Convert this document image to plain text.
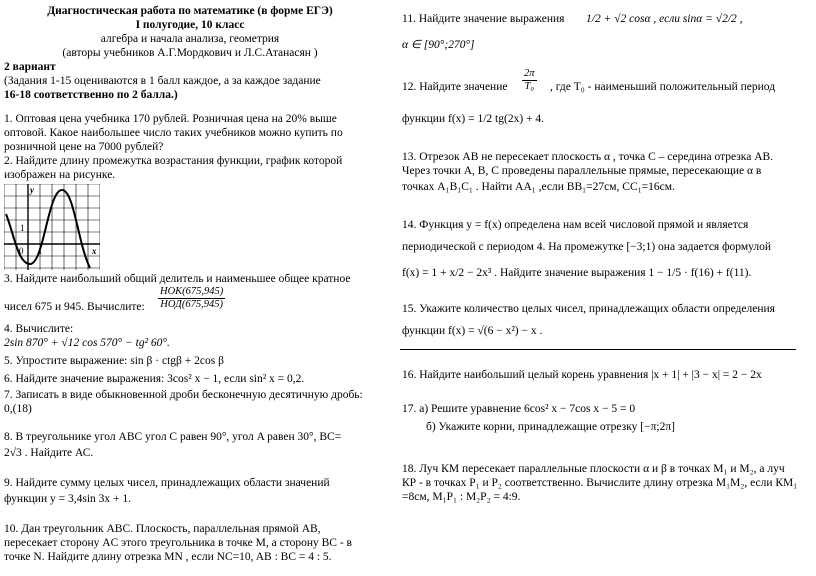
Диагностическая работа по математике (в форме ЕГЭ)
I полугодие, 10 класс
алгебра и начала анализа, геометрия
(авторы учебников А.Г.Мордкович и Л.С.Атанасян )
2 вариант
(Задания 1-15 оцениваются в 1 балл каждое, а за каждое задание
16-18 соответственно по 2 балла.)
1. Оптовая цена учебника 170 рублей. Розничная цена на 20% выше
оптовой. Какое наибольшее число таких учебников можно купить по
розничной цене на 7000 рублей?
2. Найдите длину промежутка возрастания функции, график которой
изображен на рисунке.
y
1
0 1	x
3. Найдите наибольший общий делитель и наименьшее общее кратное
чисел 675 и 945. Вычислите:
НОК(675,945)
НОД(675,945)
4. Вычислите:
2sin 870° + √12 cos 570° − tg² 60°.
5. Упростите выражение: sin β · ctgβ + 2cos β
6. Найдите значение выражения: 3cos² x − 1, если sin² x = 0,2.
7. Записать в виде обыкновенной дроби бесконечную десятичную дробь:
0,(18)
8. В треугольнике угол ABC угол C равен 90°, угол A равен 30°, BC=
2√3 . Найдите АС.
9. Найдите сумму целых чисел, принадлежащих области значений
функции y = 3,4sin 3x + 1.
10. Дан треугольник ABC. Плоскость, параллельная прямой AB,
пересекает сторону AC этого треугольника в точке M, а сторону BC - в
точке N. Найдите длину отрезка MN , если NC=10, AB : BC = 4 : 5.
11. Найдите значение выражения 1/2 + √2 cosα , если sinα = √2/2 ,
α ∈ [90°;270°]
12. Найдите значение $\frac{2\pi}{\text{T₀}}$ , где T₀ - наименьший положительный период
функции f(x) = 1/2 tg(2x) + 4.
13. Отрезок АВ не пересекает плоскость α , точка С – середина отрезка АВ.
Через точки А, В, С проведены параллельные прямые, пересекающие α в
точках A₁B₁C₁ . Найти AA₁ ,если BB₁=27см, CC₁=16см.
14. Функция y = f(x) определена нам всей числовой прямой и является
периодической с периодом 4. На промежутке [−3;1) она задается формулой
f(x) = 1 + x/2 − 2x³ . Найдите значение выражения 1 − 1/5 · f(16) + f(11).
15. Укажите количество целых чисел, принадлежащих области определения
функции f(x) = √(6 − x²) − x .
16. Найдите наибольший целый корень уравнения |x + 1| + |3 − x| = 2 − 2x
17. а) Решите уравнение 6cos² x − 7cos x − 5 = 0
б) Укажите корни, принадлежащие отрезку [−π;2π]
18. Луч КМ пересекает параллельные плоскости α и β в точках M₁ и M₂, а луч
КР - в точках P₁ и P₂ соответственно. Вычислите длину отрезка M₁M₂, если КM₁
=8см, M₁P₁ : M₂P₂ = 4:9.
